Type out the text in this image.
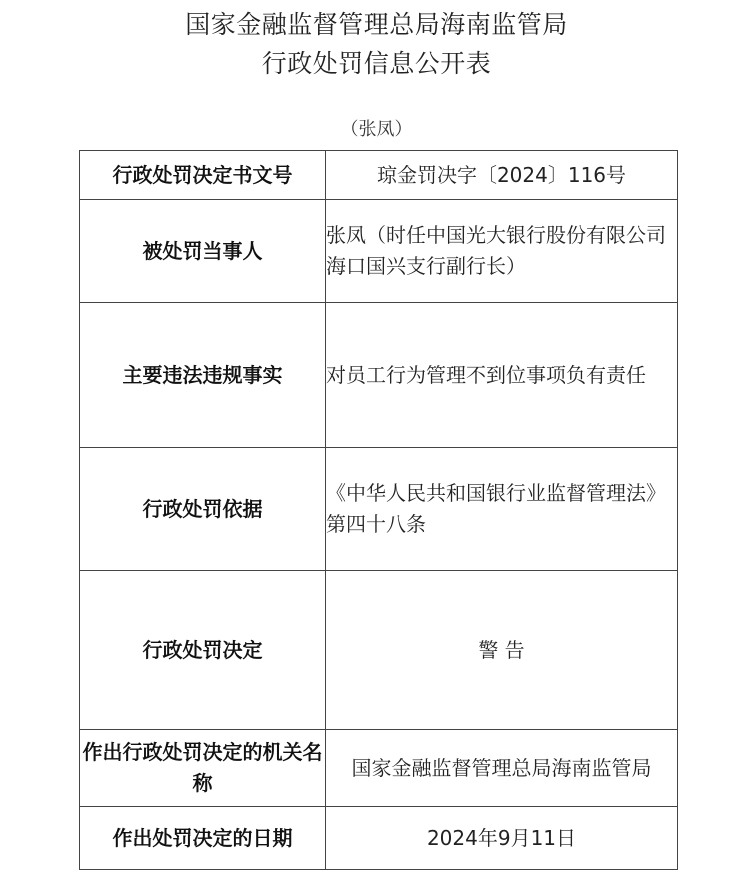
国家金融监督管理总局海南监管局
行政处罚信息公开表
（张凤）
行政处罚决定书文号	琼金罚决字〔2024〕116号
被处罚当事人	张凤（时任中国光大银行股份有限公司海口国兴支行副行长）
主要违法违规事实	对员工行为管理不到位事项负有责任
行政处罚依据	《中华人民共和国银行业监督管理法》第四十八条
行政处罚决定	警 告
作出行政处罚决定的机关名称	国家金融监督管理总局海南监管局
作出处罚决定的日期	2024年9月11日
